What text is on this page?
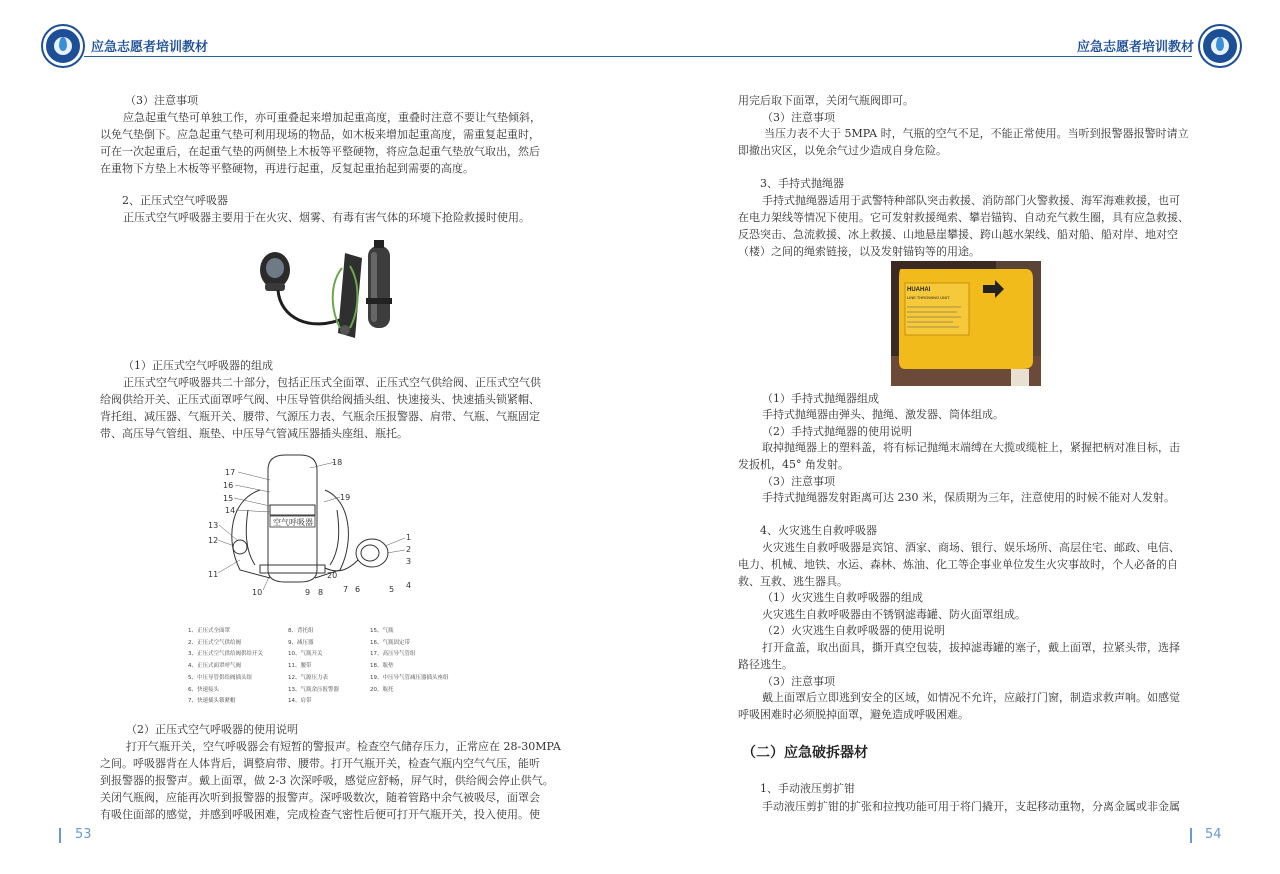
应急志愿者培训教材	应急志愿者培训教材
（3）注意事项
应急起重气垫可单独工作，亦可重叠起来增加起重高度，重叠时注意不要让气垫倾斜，
以免气垫倒下。应急起重气垫可利用现场的物品，如木板来增加起重高度，需重复起重时，
可在一次起重后，在起重气垫的两侧垫上木板等平整硬物，将应急起重气垫放气取出，然后
在重物下方垫上木板等平整硬物，再进行起重，反复起重抬起到需要的高度。
2、正压式空气呼吸器
正压式空气呼吸器主要用于在火灾、烟雾、有毒有害气体的环境下抢险救援时使用。
（1）正压式空气呼吸器的组成
正压式空气呼吸器共二十部分，包括正压式全面罩、正压式空气供给阀、正压式空气供
给阀供给开关、正压式面罩呼气阀、中压导管供给阀插头组、快速接头、快速插头锁紧帽、
背托组、减压器、气瓶开关、腰带、气源压力表、气瓶余压报警器、肩带、气瓶、气瓶固定
带、高压导气管组、瓶垫、中压导气管减压器插头座组、瓶托。
（2）正压式空气呼吸器的使用说明
打开气瓶开关，空气呼吸器会有短暂的警报声。检查空气储存压力，正常应在 28-30MPA
之间。呼吸器背在人体背后，调整肩带、腰带。打开气瓶开关，检查气瓶内空气气压，能听
到报警器的报警声。戴上面罩，做 2-3 次深呼吸，感觉应舒畅，屏气时，供给阀会停止供气。
关闭气瓶阀，应能再次听到报警器的报警声。深呼吸数次，随着管路中余气被吸尽，面罩会
有吸住面部的感觉，并感到呼吸困难，完成检查气密性后便可打开气瓶开关，投入使用。使
空气呼吸器
17
16
15
14
13
12
11
10	9 8 7 6	5 4
3
2
1
20
19
18
1、正压式全面罩	8、背托组	15、气瓶
2、正压式空气供给阀	9、减压器	16、气瓶固定带
3、正压式空气供给阀供给开关	10、气瓶开关	17、高压导气管组
4、正压式面罩呼气阀	11、腰带	18、瓶垫
5、中压导管供给阀插头组	12、气源压力表	19、中压导气管减压器插头座组
6、快速接头	13、气瓶余压报警器	20、瓶托
7、快速插头锁紧帽	14、肩带
用完后取下面罩，关闭气瓶阀即可。
（3）注意事项
当压力表不大于 5MPA 时，气瓶的空气不足，不能正常使用。当听到报警器报警时请立
即撤出灾区，以免余气过少造成自身危险。
3、手持式抛绳器
手持式抛绳器适用于武警特种部队突击救援、消防部门火警救援、海军海难救援，也可
在电力架线等情况下使用。它可发射救援绳索、攀岩锚钩、自动充气救生圈，具有应急救援、
反恐突击、急流救援、冰上救援、山地悬崖攀援、跨山越水架线、船对船、船对岸、地对空
（楼）之间的绳索链接，以及发射锚钩等的用途。
（1）手持式抛绳器组成
手持式抛绳器由弹头、抛绳、激发器、筒体组成。
（2）手持式抛绳器的使用说明
取掉抛绳器上的塑料盖，将有标记抛绳末端缚在大揽或缆桩上，紧握把柄对准目标，击
发扳机，45° 角发射。
（3）注意事项
手持式抛绳器发射距离可达 230 米，保质期为三年，注意使用的时候不能对人发射。
4、火灾逃生自救呼吸器
火灾逃生自救呼吸器是宾馆、酒家、商场、银行、娱乐场所、高层住宅、邮政、电信、
电力、机械、地铁、水运、森林、炼油、化工等企事业单位发生火灾事故时，个人必备的自
救、互救、逃生器具。
（1）火灾逃生自救呼吸器的组成
火灾逃生自救呼吸器由不锈钢滤毒罐、防火面罩组成。
（2）火灾逃生自救呼吸器的使用说明
打开盒盖，取出面具，撕开真空包装，拔掉滤毒罐的塞子，戴上面罩，拉紧头带，选择
路径逃生。
（3）注意事项
戴上面罩后立即逃到安全的区域，如情况不允许，应敲打门窗，制造求救声响。如感觉
呼吸困难时必须脱掉面罩，避免造成呼吸困难。
（二）应急破拆器材
1、手动液压剪扩钳
手动液压剪扩钳的扩张和拉拽功能可用于将门撬开，支起移动重物，分离金属或非金属
HUAHAI
LINE THROWING UNIT
53	54
